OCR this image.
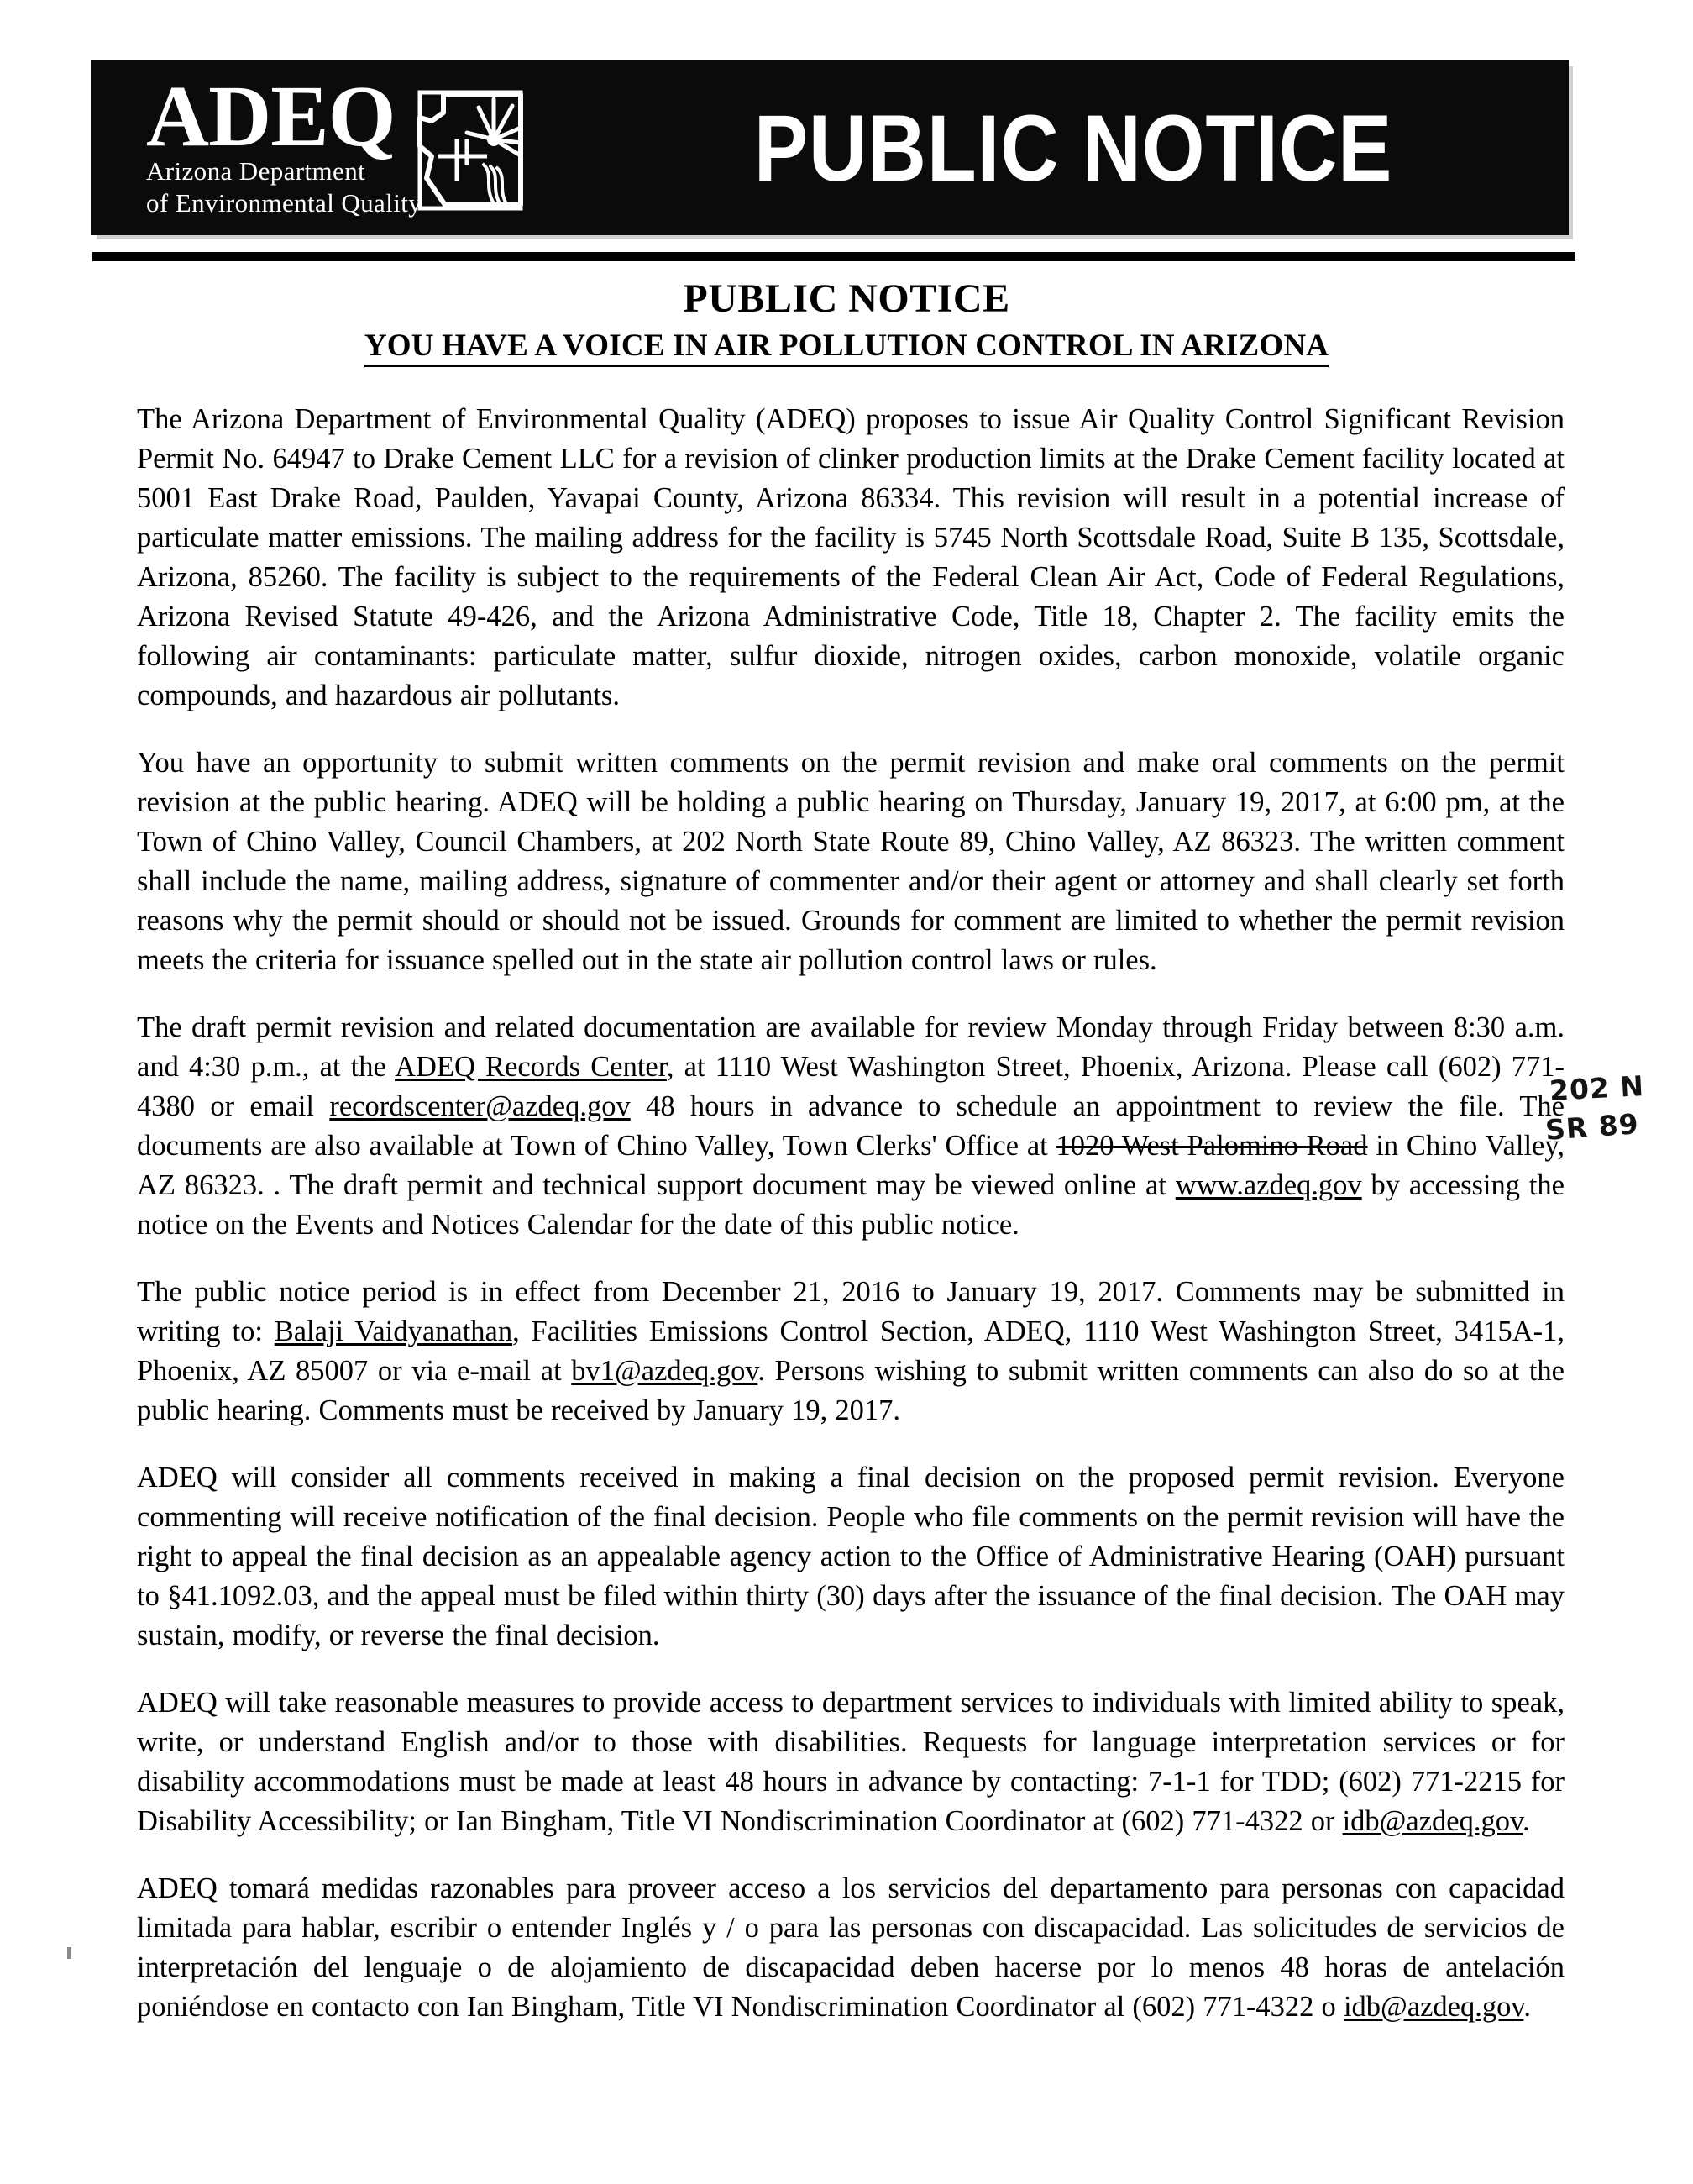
ADEQ
Arizona Department
of Environmental Quality
PUBLIC NOTICE
PUBLIC NOTICE
YOU HAVE A VOICE IN AIR POLLUTION CONTROL IN ARIZONA

The Arizona Department of Environmental Quality (ADEQ) proposes to issue Air Quality Control Significant Revision Permit No. 64947 to Drake Cement LLC for a revision of clinker production limits at the Drake Cement facility located at 5001 East Drake Road, Paulden, Yavapai County, Arizona 86334. This revision will result in a potential increase of particulate matter emissions. The mailing address for the facility is 5745 North Scottsdale Road, Suite B 135, Scottsdale, Arizona, 85260. The facility is subject to the requirements of the Federal Clean Air Act, Code of Federal Regulations, Arizona Revised Statute 49-426, and the Arizona Administrative Code, Title 18, Chapter 2. The facility emits the following air contaminants: particulate matter, sulfur dioxide, nitrogen oxides, carbon monoxide, volatile organic compounds, and hazardous air pollutants.

You have an opportunity to submit written comments on the permit revision and make oral comments on the permit revision at the public hearing. ADEQ will be holding a public hearing on Thursday, January 19, 2017, at 6:00 pm, at the Town of Chino Valley, Council Chambers, at 202 North State Route 89, Chino Valley, AZ 86323. The written comment shall include the name, mailing address, signature of commenter and/or their agent or attorney and shall clearly set forth reasons why the permit should or should not be issued. Grounds for comment are limited to whether the permit revision meets the criteria for issuance spelled out in the state air pollution control laws or rules.

The draft permit revision and related documentation are available for review Monday through Friday between 8:30 a.m. and 4:30 p.m., at the ADEQ Records Center, at 1110 West Washington Street, Phoenix, Arizona. Please call (602) 771-4380 or email recordscenter@azdeq.gov 48 hours in advance to schedule an appointment to review the file. The documents are also available at Town of Chino Valley, Town Clerks' Office at 1020 West Palomino Road in Chino Valley, AZ 86323. . The draft permit and technical support document may be viewed online at www.azdeq.gov by accessing the notice on the Events and Notices Calendar for the date of this public notice.

The public notice period is in effect from December 21, 2016 to January 19, 2017. Comments may be submitted in writing to: Balaji Vaidyanathan, Facilities Emissions Control Section, ADEQ, 1110 West Washington Street, 3415A-1, Phoenix, AZ 85007 or via e-mail at bv1@azdeq.gov. Persons wishing to submit written comments can also do so at the public hearing. Comments must be received by January 19, 2017.

ADEQ will consider all comments received in making a final decision on the proposed permit revision. Everyone commenting will receive notification of the final decision. People who file comments on the permit revision will have the right to appeal the final decision as an appealable agency action to the Office of Administrative Hearing (OAH) pursuant to §41.1092.03, and the appeal must be filed within thirty (30) days after the issuance of the final decision. The OAH may sustain, modify, or reverse the final decision.

ADEQ will take reasonable measures to provide access to department services to individuals with limited ability to speak, write, or understand English and/or to those with disabilities. Requests for language interpretation services or for disability accommodations must be made at least 48 hours in advance by contacting: 7-1-1 for TDD; (602) 771-2215 for Disability Accessibility; or Ian Bingham, Title VI Nondiscrimination Coordinator at (602) 771-4322 or idb@azdeq.gov.

ADEQ tomará medidas razonables para proveer acceso a los servicios del departamento para personas con capacidad limitada para hablar, escribir o entender Inglés y / o para las personas con discapacidad. Las solicitudes de servicios de interpretación del lenguaje o de alojamiento de discapacidad deben hacerse por lo menos 48 horas de antelación poniéndose en contacto con Ian Bingham, Title VI Nondiscrimination Coordinator al (602) 771-4322 o idb@azdeq.gov.

202 N
SR 89
